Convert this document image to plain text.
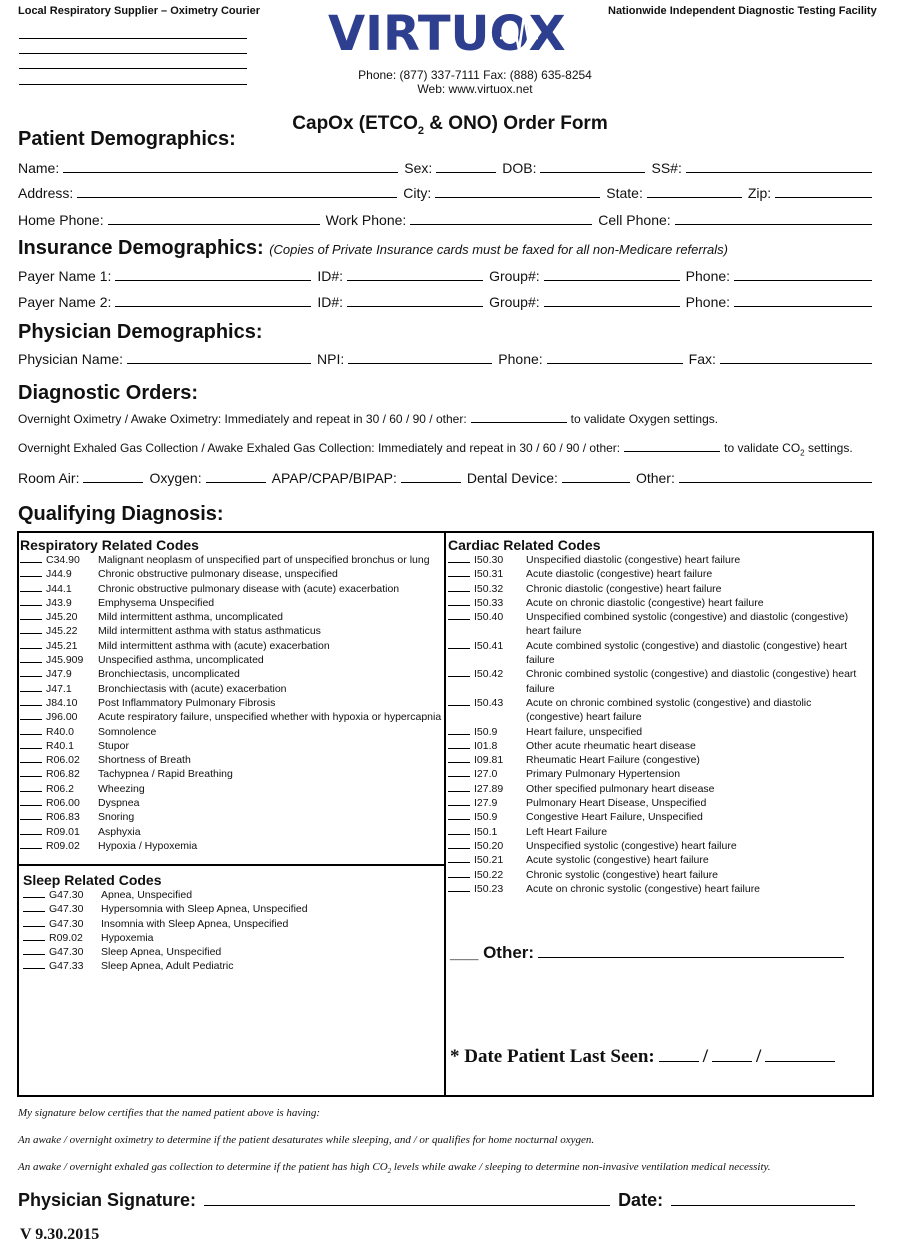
Local Respiratory Supplier – Oximetry Courier VIRTUOX	Nationwide Independent Diagnostic Testing Facility
Phone: (877) 337-7111 Fax: (888) 635-8254
Web: www.virtuox.net
CapOx ($ETCO_2$ & ONO) Order Form
Patient Demographics:
Name:	Sex:	DOB:	SS#:
Address:	City:	State:	Zip:
Home Phone:	Work Phone:	Cell Phone:
Insurance Demographics: (Copies of Private Insurance cards must be faxed for all non-Medicare referrals)
Payer Name 1:	ID#:	Group#:	Phone:
Payer Name 2:	ID#:	Group#:	Phone:
Physician Demographics:
Physician Name:	NPI:	Phone:	Fax:
Diagnostic Orders:
Overnight Oximetry / Awake Oximetry: Immediately and repeat in 30 / 60 / 90 / other:	to validate Oxygen settings.
Overnight Exhaled Gas Collection / Awake Exhaled Gas Collection: Immediately and repeat in 30 / 60 / 90 / other:	to validate $CO_2$ settings.
Room Air:	Oxygen:	APAP/CPAP/BIPAP:	Dental Device:	Other:
Qualifying Diagnosis:
Respiratory Related Codes
C34.90	Malignant neoplasm of unspecified part of unspecified bronchus or lung
J44.9	Chronic obstructive pulmonary disease, unspecified
J44.1	Chronic obstructive pulmonary disease with (acute) exacerbation
J43.9	Emphysema Unspecified
J45.20	Mild intermittent asthma, uncomplicated
J45.22	Mild intermittent asthma with status asthmaticus
J45.21	Mild intermittent asthma with (acute) exacerbation
J45.909	Unspecified asthma, uncomplicated
J47.9	Bronchiectasis, uncomplicated
J47.1	Bronchiectasis with (acute) exacerbation
J84.10	Post Inflammatory Pulmonary Fibrosis
J96.00	Acute respiratory failure, unspecified whether with hypoxia or hypercapnia
R40.0	Somnolence
R40.1	Stupor
R06.02	Shortness of Breath
R06.82	Tachypnea / Rapid Breathing
R06.2	Wheezing
R06.00	Dyspnea
R06.83	Snoring
R09.01	Asphyxia
R09.02	Hypoxia / Hypoxemia
Sleep Related Codes
G47.30	Apnea, Unspecified
G47.30	Hypersomnia with Sleep Apnea, Unspecified
G47.30	Insomnia with Sleep Apnea, Unspecified
R09.02	Hypoxemia
G47.30	Sleep Apnea, Unspecified
G47.33	Sleep Apnea, Adult Pediatric
Cardiac Related Codes
I50.30	Unspecified diastolic (congestive) heart failure
I50.31	Acute diastolic (congestive) heart failure
I50.32	Chronic diastolic (congestive) heart failure
I50.33	Acute on chronic diastolic (congestive) heart failure
I50.40	Unspecified combined systolic (congestive) and diastolic (congestive) heart failure
I50.41	Acute combined systolic (congestive) and diastolic (congestive) heart failure
I50.42	Chronic combined systolic (congestive) and diastolic (congestive) heart failure
I50.43	Acute on chronic combined systolic (congestive) and diastolic (congestive) heart failure
I50.9	Heart failure, unspecified
I01.8	Other acute rheumatic heart disease
I09.81	Rheumatic Heart Failure (congestive)
I27.0	Primary Pulmonary Hypertension
I27.89	Other specified pulmonary heart disease
I27.9	Pulmonary Heart Disease, Unspecified
I50.9	Congestive Heart Failure, Unspecified
I50.1	Left Heart Failure
I50.20	Unspecified systolic (congestive) heart failure
I50.21	Acute systolic (congestive) heart failure
I50.22	Chronic systolic (congestive) heart failure
I50.23	Acute on chronic systolic (congestive) heart failure
___ Other:
* Date Patient Last Seen:	/	/
My signature below certifies that the named patient above is having:
An awake / overnight oximetry to determine if the patient desaturates while sleeping, and / or qualifies for home nocturnal oxygen.
An awake / overnight exhaled gas collection to determine if the patient has high $CO_2$ levels while awake / sleeping to determine non-invasive ventilation medical necessity.
Physician Signature:	Date:
V 9.30.2015
